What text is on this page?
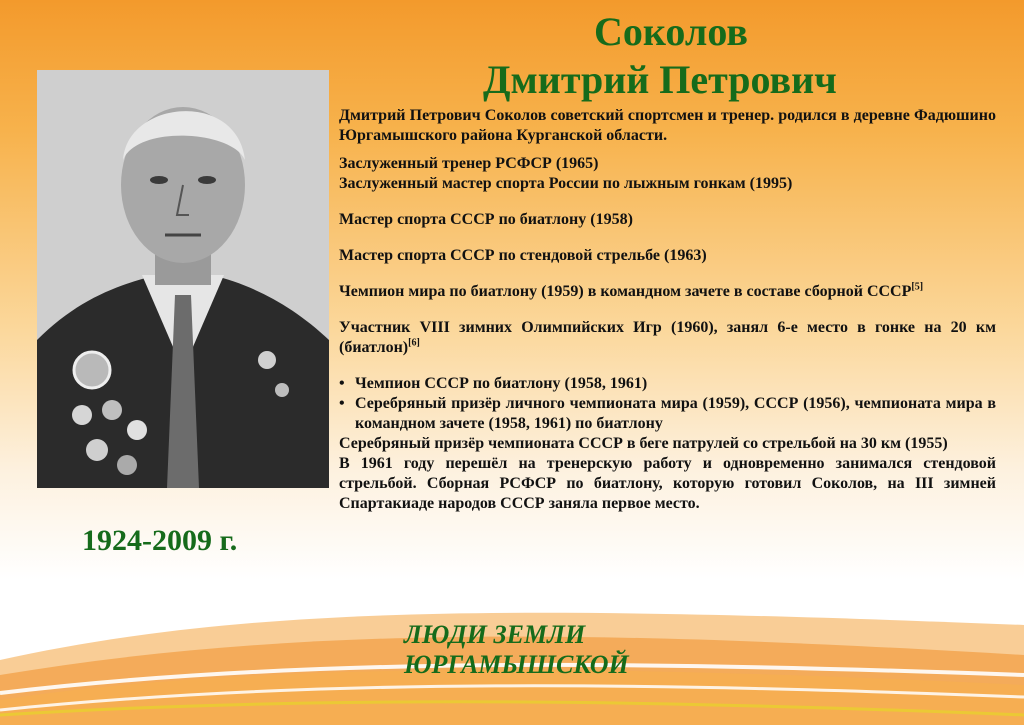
Соколов
Дмитрий Петрович
1924-2009 г.

Дмитрий Петрович Соколов советский спортсмен и тренер. родился в деревне Фадюшино Юргамышского района Курганской области.

Заслуженный тренер РСФСР (1965)

Заслуженный мастер спорта России по лыжным гонкам (1995)

Мастер спорта СССР по биатлону (1958)

Мастер спорта СССР по стендовой стрельбе (1963)

Чемпион мира по биатлону (1959) в командном зачете в составе сборной СССР[5]

Участник VIII зимних Олимпийских Игр (1960), занял 6-е место в гонке на 20 км (биатлон)[6]

• Чемпион СССР по биатлону (1958, 1961)
• Серебряный призёр личного чемпионата мира (1959), СССР (1956), чемпионата мира в командном зачете (1958, 1961) по биатлону

Серебряный призёр чемпионата СССР в беге патрулей со стрельбой на 30 км (1955)

В 1961 году перешёл на тренерскую работу и одновременно занимался стендовой стрельбой. Сборная РСФСР по биатлону, которую готовил Соколов, на III зимней Спартакиаде народов СССР заняла первое место.

ЛЮДИ ЗЕМЛИ
ЮРГАМЫШСКОЙ
